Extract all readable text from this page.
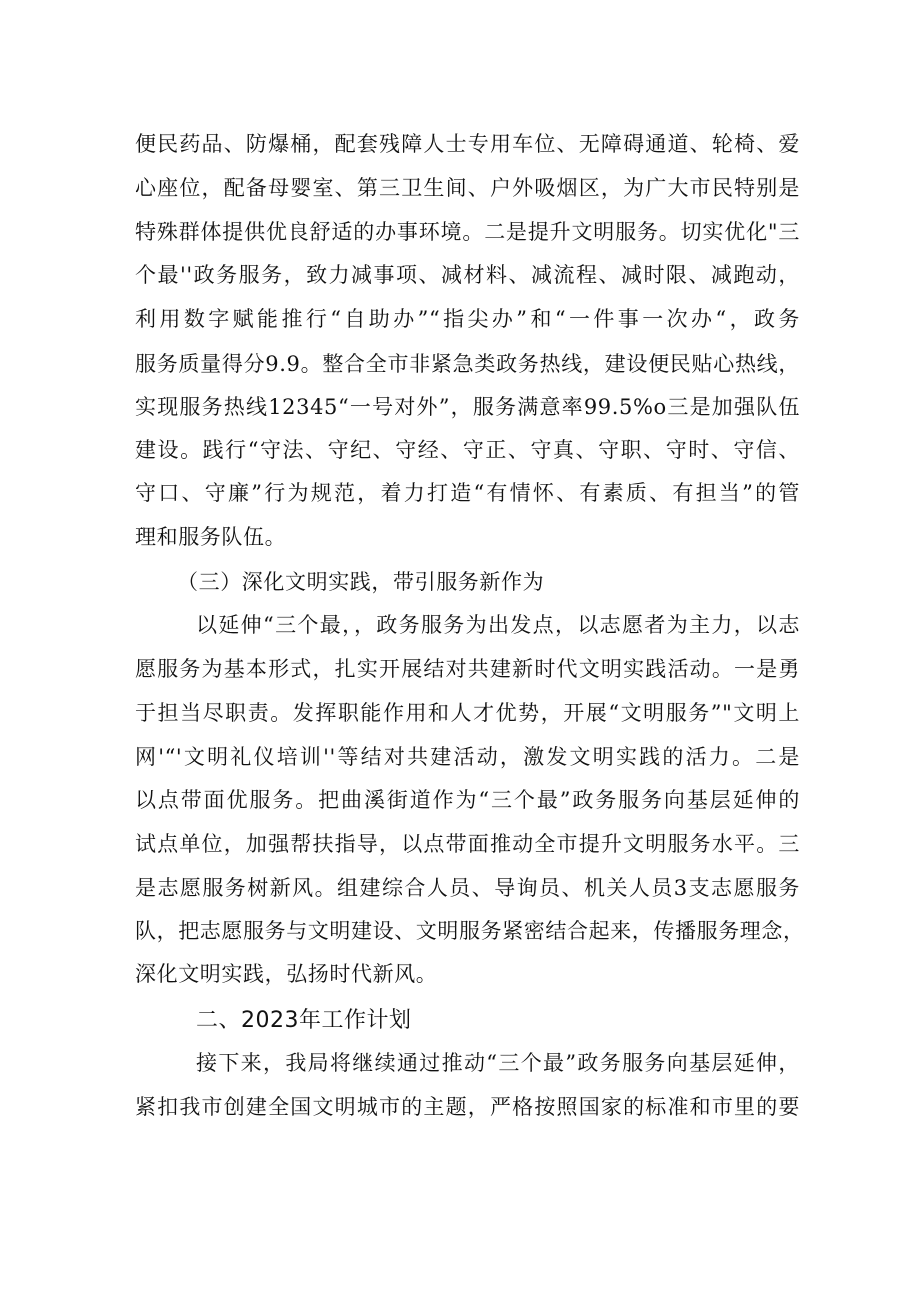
便民药品、防爆桶，配套残障人士专用车位、无障碍通道、轮椅、爱
心座位，配备母婴室、第三卫生间、户外吸烟区，为广大市民特别是
特殊群体提供优良舒适的办事环境。二是提升文明服务。切实优化"三
个最''政务服务，致力减事项、减材料、减流程、减时限、减跑动，
利用数字赋能推行“自助办”“指尖办”和“一件事一次办“，政务
服务质量得分9.9。整合全市非紧急类政务热线，建设便民贴心热线，
实现服务热线12345“一号对外”，服务满意率99.5%o三是加强队伍
建设。践行“守法、守纪、守经、守正、守真、守职、守时、守信、
守口、守廉”行为规范，着力打造“有情怀、有素质、有担当”的管
理和服务队伍。
（三）深化文明实践，带引服务新作为
以延伸“三个最，，政务服务为出发点，以志愿者为主力，以志
愿服务为基本形式，扎实开展结对共建新时代文明实践活动。一是勇
于担当尽职责。发挥职能作用和人才优势，开展“文明服务”"文明上
网'“'文明礼仪培训''等结对共建活动，激发文明实践的活力。二是
以点带面优服务。把曲溪街道作为“三个最”政务服务向基层延伸的
试点单位，加强帮扶指导，以点带面推动全市提升文明服务水平。三
是志愿服务树新风。组建综合人员、导询员、机关人员3支志愿服务
队，把志愿服务与文明建设、文明服务紧密结合起来，传播服务理念，
深化文明实践，弘扬时代新风。
二、2023年工作计划
接下来，我局将继续通过推动“三个最”政务服务向基层延伸，
紧扣我市创建全国文明城市的主题，严格按照国家的标准和市里的要
